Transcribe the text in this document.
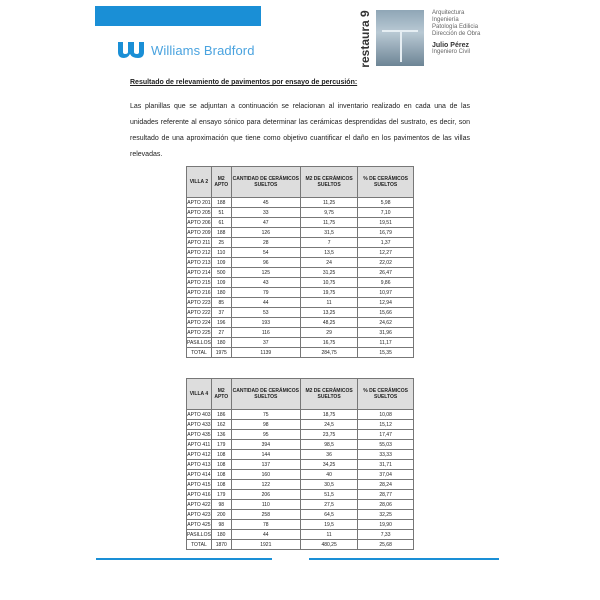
Williams Bradford	restaura 9	Arquitectura
Ingeniería
Patología Edilicia
Dirección de Obra
Julio Pérez
Ingeniero Civil
Resultado de relevamiento de pavimentos por ensayo de percusión:
Las planillas que se adjuntan a continuación se relacionan al inventario realizado en cada una de las unidades referente al ensayo sónico para determinar las cerámicas desprendidas del sustrato, es decir, son resultado de una aproximación que tiene como objetivo cuantificar el daño en los pavimentos de las villas relevadas.
VILLA 2	M2 APTO	CANTIDAD DE CERÁMICOS SUELTOS	M2 DE CERÁMICOS SUELTOS	% DE CERÁMICOS SUELTOS
APTO 201	188	45	11,25	5,98
APTO 205	51	33	9,75	7,10
APTO 206	61	47	11,75	19,51
APTO 209	188	126	31,5	16,79
APTO 211	25	28	7	1,37
APTO 212	110	54	13,5	12,27
APTO 213	109	96	24	22,02
APTO 214	500	125	31,25	26,47
APTO 215	109	43	10,75	9,86
APTO 216	180	79	19,75	10,97
APTO 223	85	44	11	12,94
APTO 222	37	53	13,25	15,66
APTO 224	196	193	48,25	24,62
APTO 225	27	116	29	31,96
PASILLOS	180	37	16,75	11,17
TOTAL	1975	1139	284,75	15,35
VILLA 4	M2 APTO	CANTIDAD DE CERÁMICOS SUELTOS	M2 DE CERÁMICOS SUELTOS	% DE CERÁMICOS SUELTOS
APTO 403	186	75	18,75	10,08
APTO 433	162	98	24,5	15,12
APTO 435	136	95	23,75	17,47
APTO 411	179	394	98,5	55,03
APTO 412	108	144	36	33,33
APTO 413	108	137	34,25	31,71
APTO 414	108	160	40	37,04
APTO 415	108	122	30,5	28,24
APTO 416	179	206	51,5	28,77
APTO 422	98	110	27,5	28,06
APTO 423	200	258	64,5	32,25
APTO 425	98	78	19,5	19,90
PASILLOS	180	44	11	7,33
TOTAL	1870	1921	480,25	25,68
